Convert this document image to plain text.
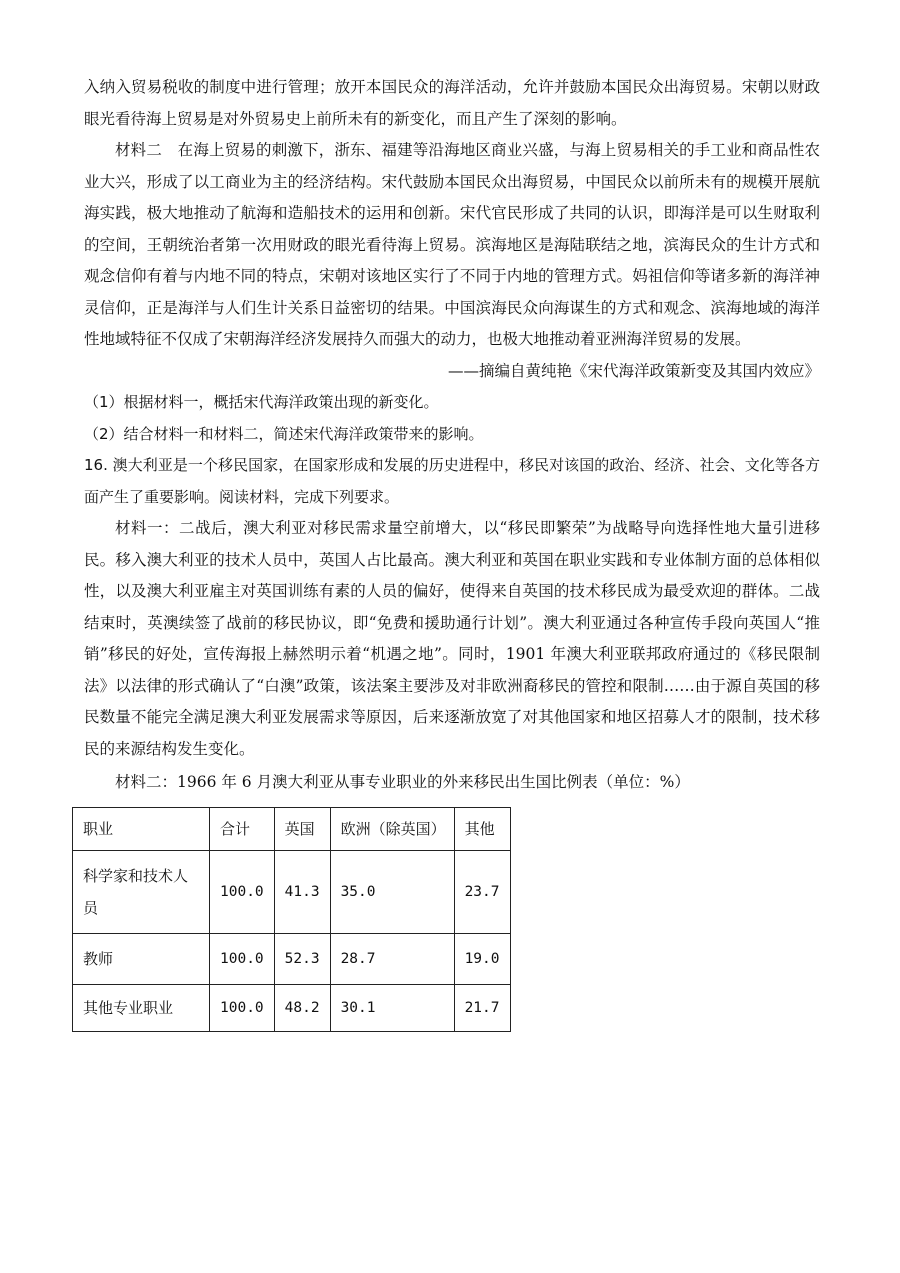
入纳入贸易税收的制度中进行管理；放开本国民众的海洋活动，允许并鼓励本国民众出海贸易。宋朝以财政眼光看待海上贸易是对外贸易史上前所未有的新变化，而且产生了深刻的影响。

材料二　在海上贸易的刺激下，浙东、福建等沿海地区商业兴盛，与海上贸易相关的手工业和商品性农业大兴，形成了以工商业为主的经济结构。宋代鼓励本国民众出海贸易，中国民众以前所未有的规模开展航海实践，极大地推动了航海和造船技术的运用和创新。宋代官民形成了共同的认识，即海洋是可以生财取利的空间，王朝统治者第一次用财政的眼光看待海上贸易。滨海地区是海陆联结之地，滨海民众的生计方式和观念信仰有着与内地不同的特点，宋朝对该地区实行了不同于内地的管理方式。妈祖信仰等诸多新的海洋神灵信仰，正是海洋与人们生计关系日益密切的结果。中国滨海民众向海谋生的方式和观念、滨海地域的海洋性地域特征不仅成了宋朝海洋经济发展持久而强大的动力，也极大地推动着亚洲海洋贸易的发展。

——摘编自黄纯艳《宋代海洋政策新变及其国内效应》

（1）根据材料一，概括宋代海洋政策出现的新变化。

（2）结合材料一和材料二，简述宋代海洋政策带来的影响。

16. 澳大利亚是一个移民国家，在国家形成和发展的历史进程中，移民对该国的政治、经济、社会、文化等各方面产生了重要影响。阅读材料，完成下列要求。

材料一：二战后，澳大利亚对移民需求量空前增大，以“移民即繁荣”为战略导向选择性地大量引进移民。移入澳大利亚的技术人员中，英国人占比最高。澳大利亚和英国在职业实践和专业体制方面的总体相似性，以及澳大利亚雇主对英国训练有素的人员的偏好，使得来自英国的技术移民成为最受欢迎的群体。二战结束时，英澳续签了战前的移民协议，即“免费和援助通行计划”。澳大利亚通过各种宣传手段向英国人“推销”移民的好处，宣传海报上赫然明示着“机遇之地”。同时，1901 年澳大利亚联邦政府通过的《移民限制法》以法律的形式确认了“白澳”政策，该法案主要涉及对非欧洲裔移民的管控和限制……由于源自英国的移民数量不能完全满足澳大利亚发展需求等原因，后来逐渐放宽了对其他国家和地区招募人才的限制，技术移民的来源结构发生变化。

材料二：1966 年 6 月澳大利亚从事专业职业的外来移民出生国比例表（单位：%）

职业	合计	英国	欧洲（除英国）	其他
科学家和技术人员	100.0	41.3	35.0	23.7
教师	100.0	52.3	28.7	19.0
其他专业职业	100.0	48.2	30.1	21.7
